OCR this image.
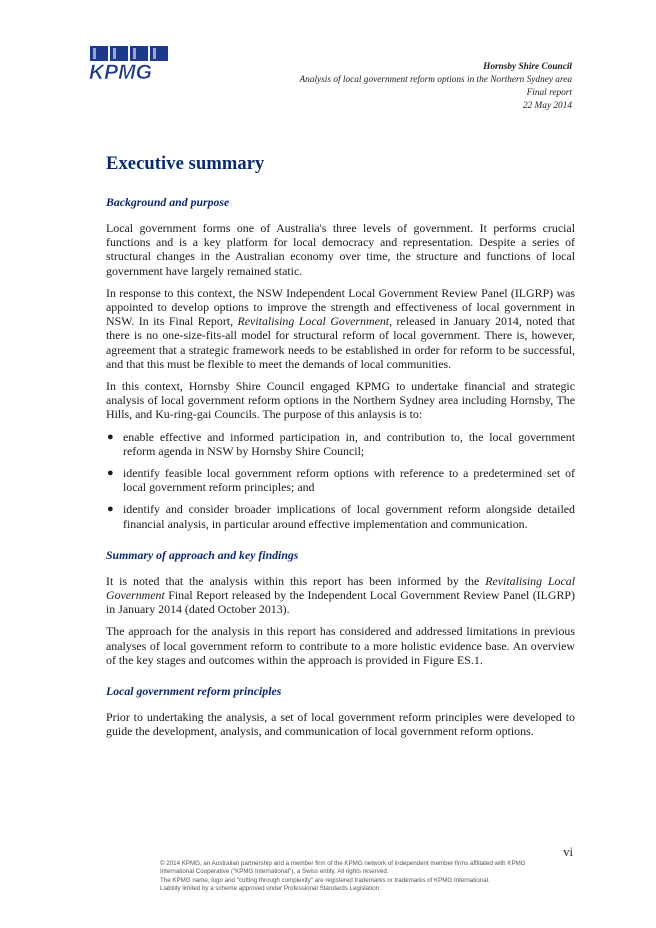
KPMG	Hornsby Shire Council
Analysis of local government reform options in the Northern Sydney area
Final report
22 May 2014
Executive summary
Background and purpose

Local government forms one of Australia's three levels of government. It performs crucial functions and is a key platform for local democracy and representation. Despite a series of structural changes in the Australian economy over time, the structure and functions of local government have largely remained static.

In response to this context, the NSW Independent Local Government Review Panel (ILGRP) was appointed to develop options to improve the strength and effectiveness of local government in NSW. In its Final Report, Revitalising Local Government, released in January 2014, noted that there is no one-size-fits-all model for structural reform of local government. There is, however, agreement that a strategic framework needs to be established in order for reform to be successful, and that this must be flexible to meet the demands of local communities.

In this context, Hornsby Shire Council engaged KPMG to undertake financial and strategic analysis of local government reform options in the Northern Sydney area including Hornsby, The Hills, and Ku-ring-gai Councils. The purpose of this anlaysis is to:

● enable effective and informed participation in, and contribution to, the local government reform agenda in NSW by Hornsby Shire Council;
● identify feasible local government reform options with reference to a predetermined set of local government reform principles; and
● identify and consider broader implications of local government reform alongside detailed financial analysis, in particular around effective implementation and communication.
Summary of approach and key findings

It is noted that the analysis within this report has been informed by the Revitalising Local Government Final Report released by the Independent Local Government Review Panel (ILGRP) in January 2014 (dated October 2013).

The approach for the analysis in this report has considered and addressed limitations in previous analyses of local government reform to contribute to a more holistic evidence base. An overview of the key stages and outcomes within the approach is provided in Figure ES.1.

Local government reform principles

Prior to undertaking the analysis, a set of local government reform principles were developed to guide the development, analysis, and communication of local government reform options.

vi

© 2014 KPMG, an Australian partnership and a member firm of the KPMG network of independent member firms affiliated with KPMG International Cooperative ("KPMG International"), a Swiss entity. All rights reserved.

The KPMG name, logo and "cutting through complexity" are registered trademarks or trademarks of KPMG International.

Liability limited by a scheme approved under Professional Standards Legislation.
